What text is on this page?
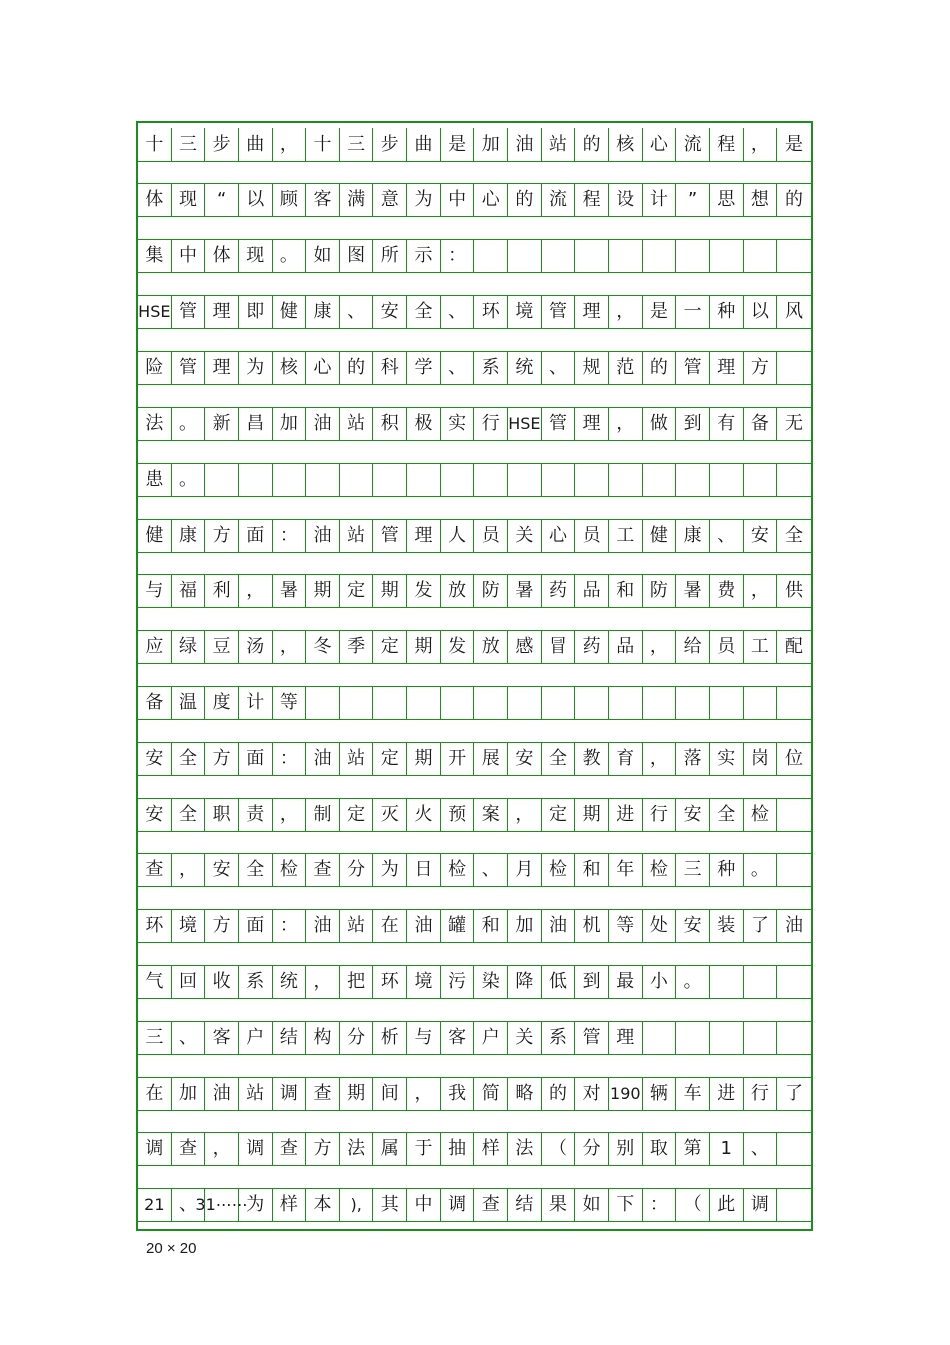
十 三 步 曲 ， 十 三 步 曲 是 加 油 站 的 核 心 流 程 ， 是
体 现	“	以 顾 客 满 意 为 中 心 的 流 程 设 计	”	思 想 的
集 中 体 现 。 如 图 所 示 ：
HSE 管 理 即 健 康 、 安 全 、 环 境 管 理 ， 是 一 种 以 风
险 管 理 为 核 心 的 科 学 、 系 统 、 规 范 的 管 理 方
法 。 新 昌 加 油 站 积 极 实 行 HSE 管 理 ， 做 到 有 备 无
患 。
健 康 方 面 ： 油 站 管 理 人 员 关 心 员 工 健 康 、 安 全
与 福 利 ， 暑 期 定 期 发 放 防 暑 药 品 和 防 暑 费 ， 供
应 绿 豆 汤 ， 冬 季 定 期 发 放 感 冒 药 品 ， 给 员 工 配
备 温 度 计 等
安 全 方 面 ： 油 站 定 期 开 展 安 全 教 育 ， 落 实 岗 位
安 全 职 责 ， 制 定 灭 火 预 案 ， 定 期 进 行 安 全 检
查 ， 安 全 检 查 分 为 日 检 、 月 检 和 年 检 三 种 。
环 境 方 面 ： 油 站 在 油 罐 和 加 油 机 等 处 安 装 了 油
气 回 收 系 统 ， 把 环 境 污 染 降 低 到 最 小 。
三 、 客 户 结 构 分 析 与 客 户 关 系 管 理
在 加 油 站 调 查 期 间 ， 我 简 略 的 对 190 辆 车 进 行 了
调 查 ， 调 查 方 法 属 于 抽 样 法 （ 分 别 取 第	1	、
21 、
31⋯⋯
为 样 本	),	其 中 调 查 结 果 如 下 ： （ 此 调
20 × 20
